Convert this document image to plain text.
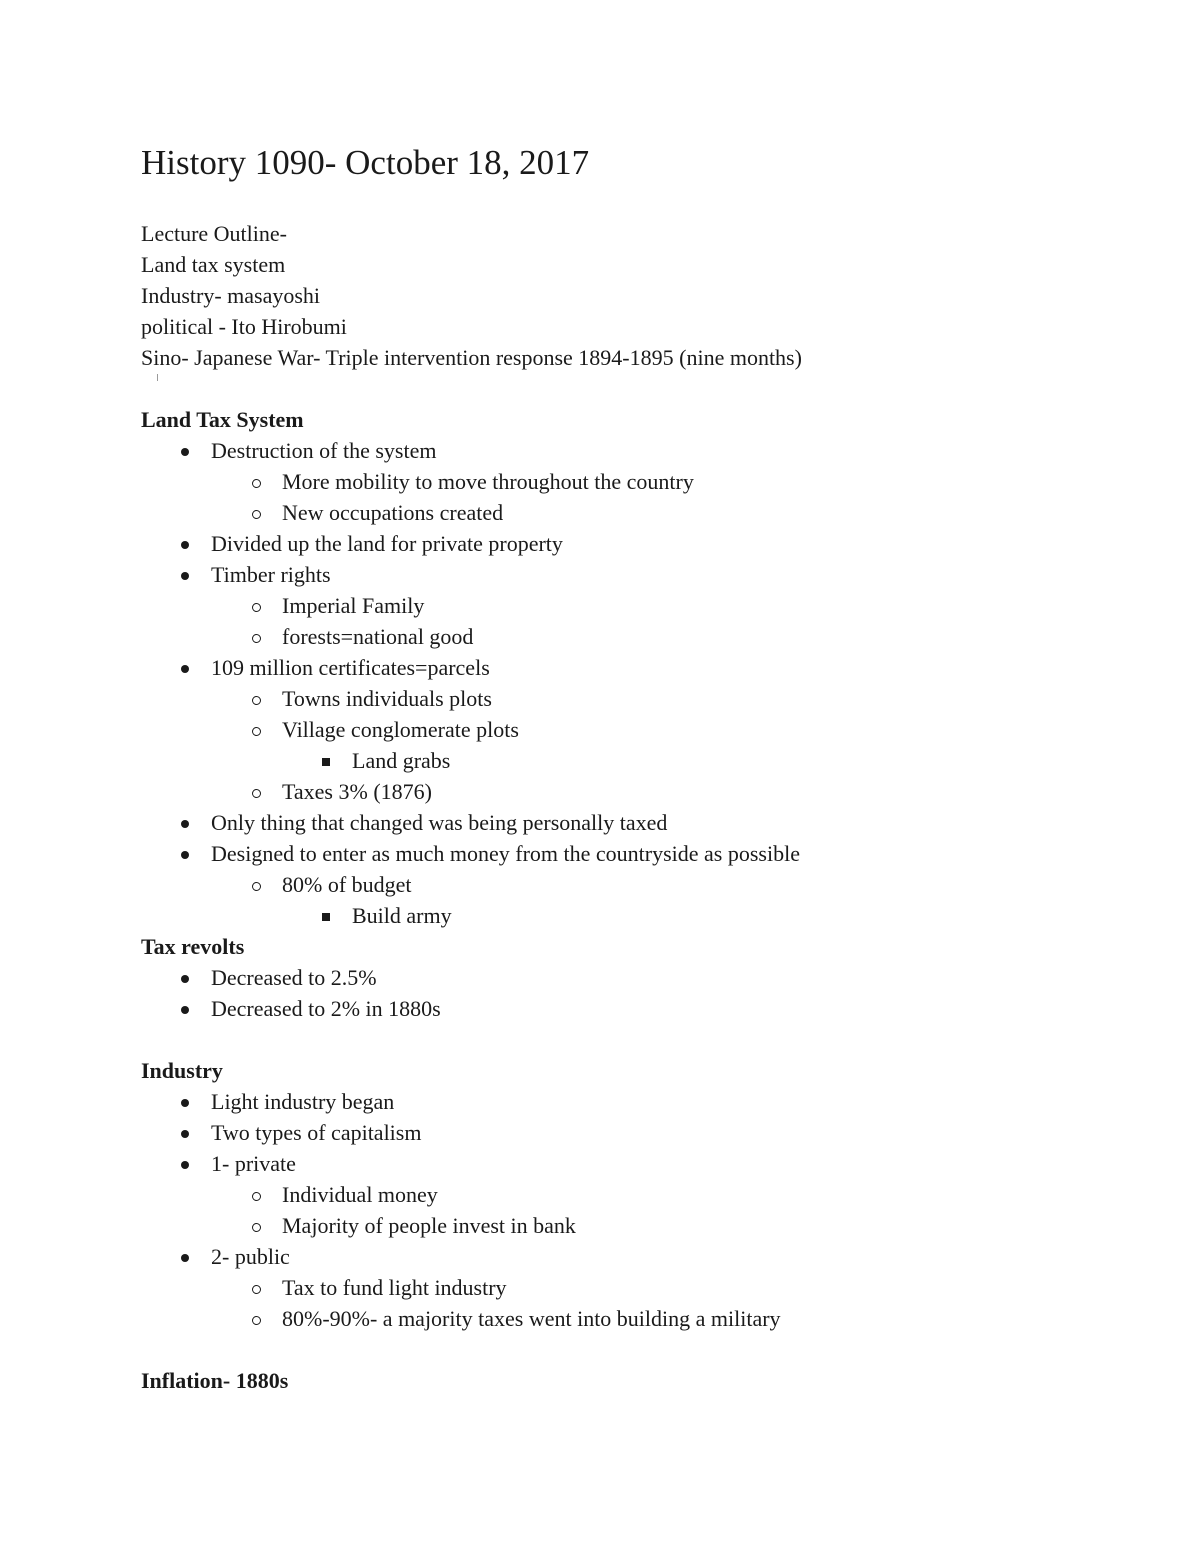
History 1090- October 18, 2017
Lecture Outline-
Land tax system
Industry- masayoshi
political - Ito Hirobumi
Sino- Japanese War- Triple intervention response 1894-1895 (nine months)
Land Tax System
Destruction of the system
More mobility to move throughout the country
New occupations created
Divided up the land for private property
Timber rights
Imperial Family
forests=national good
109 million certificates=parcels
Towns individuals plots
Village conglomerate plots
Land grabs
Taxes 3% (1876)
Only thing that changed was being personally taxed
Designed to enter as much money from the countryside as possible
80% of budget
Build army
Tax revolts
Decreased to 2.5%
Decreased to 2% in 1880s
Industry
Light industry began
Two types of capitalism
1- private
Individual money
Majority of people invest in bank
2- public
Tax to fund light industry
80%-90%- a majority taxes went into building a military
Inflation- 1880s
